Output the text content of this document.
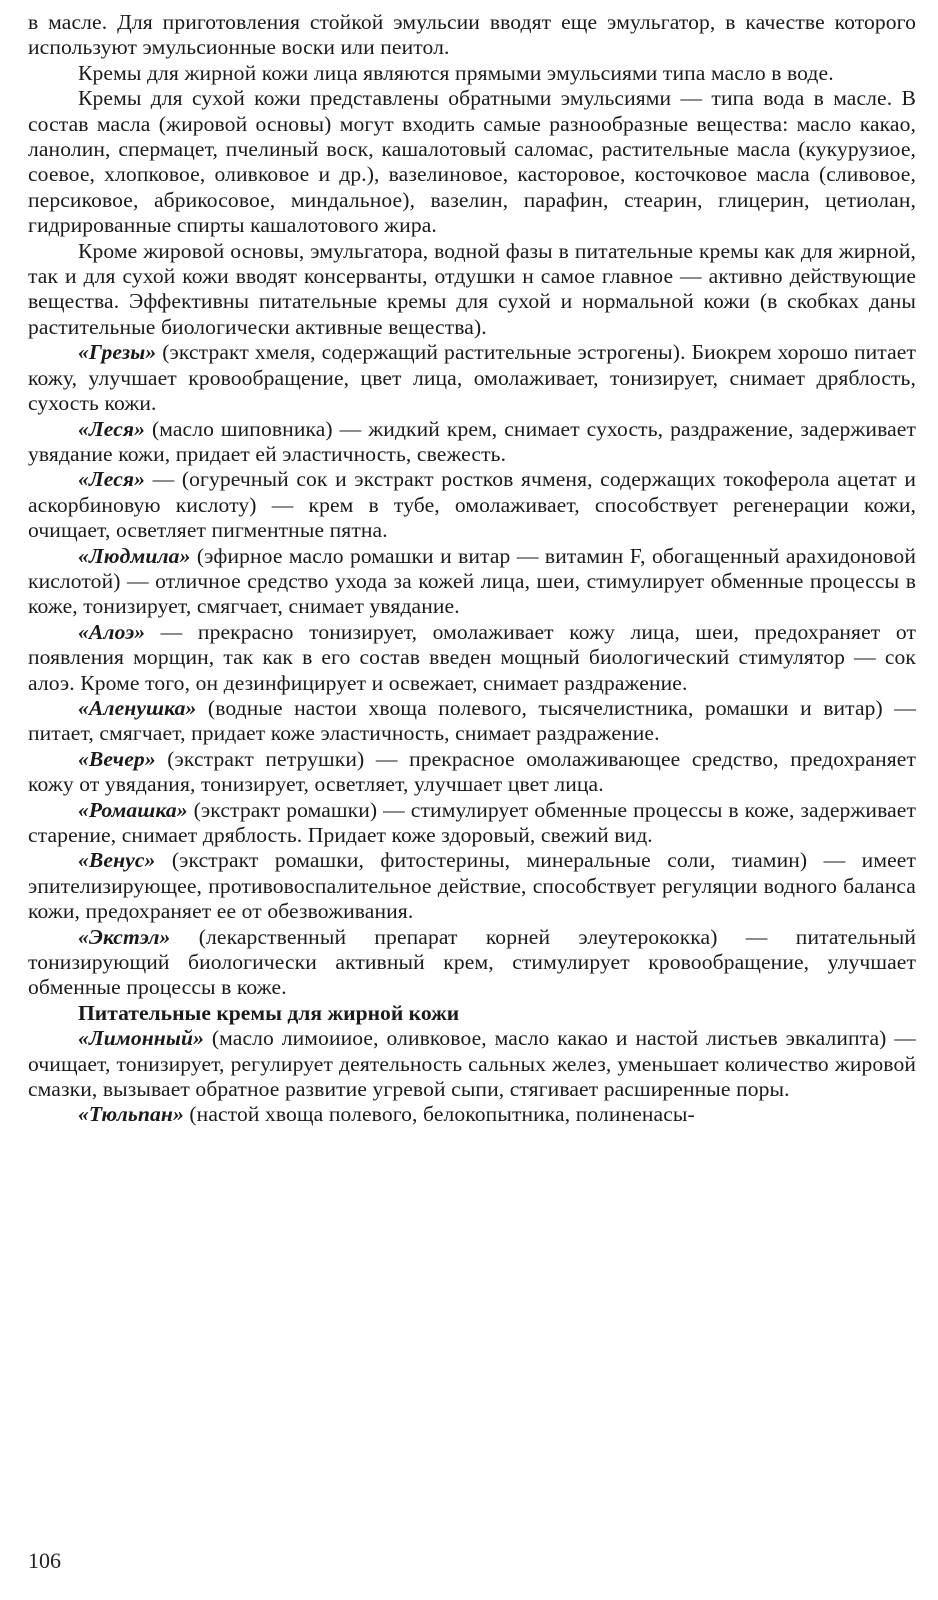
в масле. Для приготовления стойкой эмульсии вводят еще эмульгатор, в качестве которого используют эмульсионные воски или пеитол.

Кремы для жирной кожи лица являются прямыми эмульсиями типа масло в воде.

Кремы для сухой кожи представлены обратными эмульсиями — типа вода в масле. В состав масла (жировой основы) могут входить самые разнообразные вещества: масло какао, ланолин, спермацет, пчелиный воск, кашалотовый саломас, растительные масла (кукурузиое, соевое, хлопковое, оливковое и др.), вазелиновое, касторовое, косточковое масла (сливовое, персиковое, абрикосовое, миндальное), вазелин, парафин, стеарин, глицерин, цетиолан, гидрированные спирты кашалотового жира.

Кроме жировой основы, эмульгатора, водной фазы в питательные кремы как для жирной, так и для сухой кожи вводят консерванты, отдушки н самое главное — активно действующие вещества. Эффективны питательные кремы для сухой и нормальной кожи (в скобках даны растительные биологически активные вещества).

«Грезы» (экстракт хмеля, содержащий растительные эстрогены). Биокрем хорошо питает кожу, улучшает кровообращение, цвет лица, омолаживает, тонизирует, снимает дряблость, сухость кожи.

«Леся» (масло шиповника) — жидкий крем, снимает сухость, раздражение, задерживает увядание кожи, придает ей эластичность, свежесть.

«Леся» — (огуречный сок и экстракт ростков ячменя, содержащих токоферола ацетат и аскорбиновую кислоту) — крем в тубе, омолаживает, способствует регенерации кожи, очищает, осветляет пигментные пятна.

«Людмила» (эфирное масло ромашки и витар — витамин F, обогащенный арахидоновой кислотой) — отличное средство ухода за кожей лица, шеи, стимулирует обменные процессы в коже, тонизирует, смягчает, снимает увядание.

«Алоэ» — прекрасно тонизирует, омолаживает кожу лица, шеи, предохраняет от появления морщин, так как в его состав введен мощный биологический стимулятор — сок алоэ. Кроме того, он дезинфицирует и освежает, снимает раздражение.

«Аленушка» (водные настои хвоща полевого, тысячелистника, ромашки и витар) — питает, смягчает, придает коже эластичность, снимает раздражение.

«Вечер» (экстракт петрушки) — прекрасное омолаживающее средство, предохраняет кожу от увядания, тонизирует, осветляет, улучшает цвет лица.

«Ромашка» (экстракт ромашки) — стимулирует обменные процессы в коже, задерживает старение, снимает дряблость. Придает коже здоровый, свежий вид.

«Венус» (экстракт ромашки, фитостерины, минеральные соли, тиамин) — имеет эпителизирующее, противовоспалительное действие, способствует регуляции водного баланса кожи, предохраняет ее от обезвоживания.

«Экстэл» (лекарственный препарат корней элеутерококка) — питательный тонизирующий биологически активный крем, стимулирует кровообращение, улучшает обменные процессы в коже.

Питательные кремы для жирной кожи

«Лимонный» (масло лимоииое, оливковое, масло какао и настой листьев эвкалипта) — очищает, тонизирует, регулирует деятельность сальных желез, уменьшает количество жировой смазки, вызывает обратное развитие угревой сыпи, стягивает расширенные поры.

«Тюльпан» (настой хвоща полевого, белокопытника, полиненасы-

106
